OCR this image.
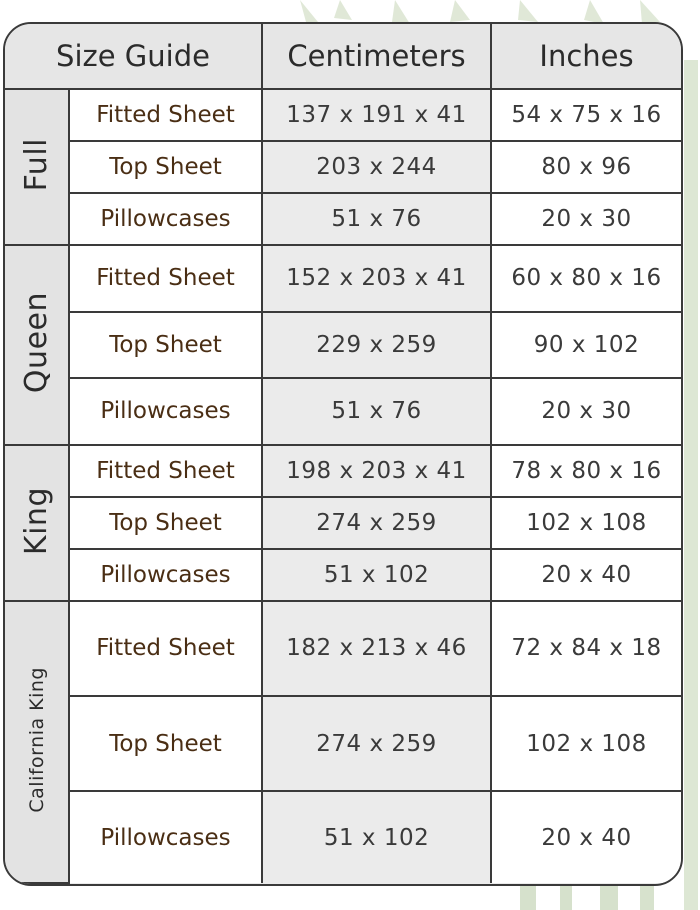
Size Guide		Centimeters	Inches
Full	Fitted Sheet	137 x 191 x 41	54 x 75 x 16
	Top Sheet	203 x 244	80 x 96
	Pillowcases	51 x 76	20 x 30
Queen	Fitted Sheet	152 x 203 x 41	60 x 80 x 16
	Top Sheet	229 x 259	90 x 102
	Pillowcases	51 x 76	20 x 30
King	Fitted Sheet	198 x 203 x 41	78 x 80 x 16
	Top Sheet	274 x 259	102 x 108
	Pillowcases	51 x 102	20 x 40
California King	Fitted Sheet	182 x 213 x 46	72 x 84 x 18
	Top Sheet	274 x 259	102 x 108
	Pillowcases	51 x 102	20 x 40
